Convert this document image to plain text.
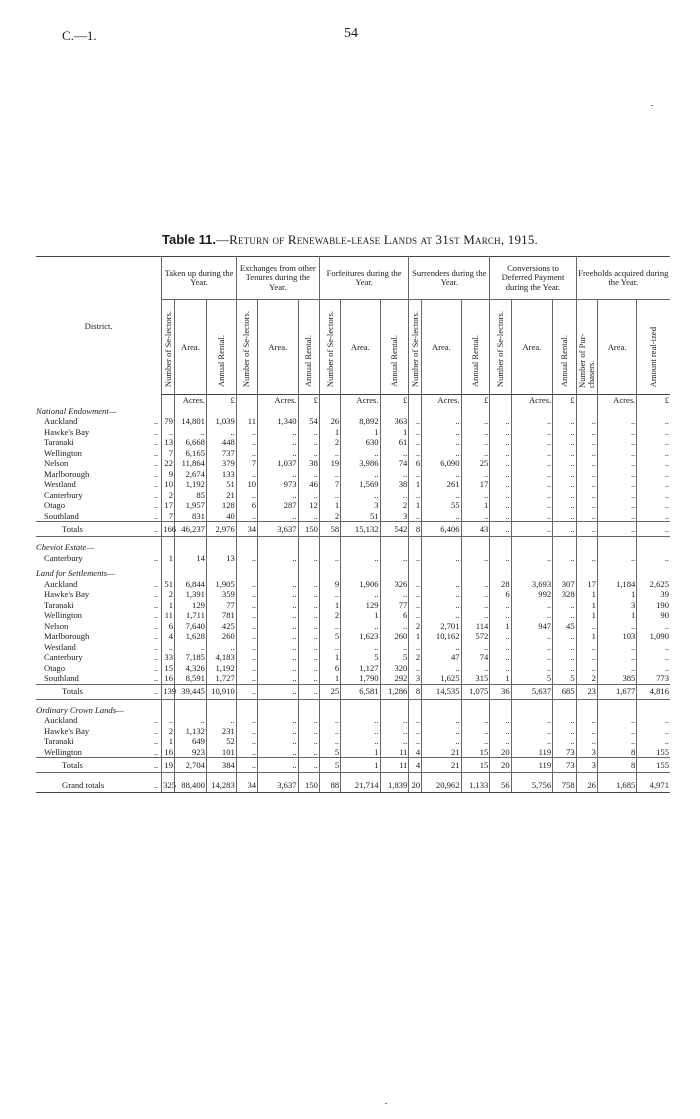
C.—1.	54
Table 11.—Return of Renewable-lease Lands at 31st March, 1915.
District.	Taken up during the Year.			Exchanges from other Tenures during the Year.			Forfeitures during the Year.			Surrenders during the Year.			Conversions to Deferred Payment during the Year.			Freeholds acquired during the Year.		
	Number of Se-lectors.	Area.	Annual Rental.	Number of Se-lectors.	Area.	Annual Rental.	Number of Se-lectors.	Area.	Annual Rental.	Number of Se-lectors.	Area.	Annual Rental.	Number of Se-lectors.	Area.	Annual Rental.	Number of Pur-chasers.	Area.	Amount real-ized
		Acres.	£		Acres.	£		Acres.	£		Acres.	£		Acres.	£		Acres.	£
National Endowment—																		
Auckland ..	79	14,801	1,039	11	1,340	54	26	8,892	363	..	..	..	..	..	..	..	..	..
Hawke's Bay ..	..	..	..	..	..	..	1	1	1	..	..	..	..	..	..	..	..	..
Taranaki ..	13	6,668	448	..	..	..	2	630	61	..	..	..	..	..	..	..	..	..
Wellington ..	7	6,165	737	..	..	..	..	..	..	..	..	..	..	..	..	..	..	..
Nelson ..	22	11,864	379	7	1,037	38	19	3,986	74	6	6,090	25	..	..	..	..	..	..
Marlborough ..	9	2,674	133	..	..	..	..	..	..	..	..	..	..	..	..	..	..	..
Westland ..	10	1,192	51	10	973	46	7	1,569	38	1	261	17	..	..	..	..	..	..
Canterbury ..	2	85	21	..	..	..	..	..	..	..	..	..	..	..	..	..	..	..
Otago ..	17	1,957	128	6	287	12	1	3	2	1	55	1	..	..	..	..	..	..
Southland ..	7	831	40	..	..	..	2	51	3	..	..	..	..	..	..	..	..	..
Totals ..	166	46,237	2,976	34	3,637	150	58	15,132	542	8	6,406	43	..	..	..	..	..	..

Cheviot Estate—																		
Canterbury ..	1	14	13	..	..	..	..	..	..	..	..	..	..	..	..	..	..	..

Land for Settlements—																		
Auckland ..	51	6,844	1,905	..	..	..	9	1,906	326	..	..	..	28	3,693	307	17	1,184	2,625
Hawke's Bay ..	2	1,391	359	..	..	..	..	..	..	..	..	..	6	992	328	1	1	39
Taranaki ..	1	129	77	..	..	..	1	129	77	..	..	..	..	..	..	1	3	190
Wellington ..	11	1,711	781	..	..	..	2	1	6	..	..	..	..	..	..	1	1	90
Nelson ..	6	7,640	425	..	..	..	..	..	..	2	2,701	114	1	947	45	..	..	..
Marlborough ..	4	1,628	260	..	..	..	5	1,623	260	1	10,162	572	..	..	..	1	103	1,090
Westland ..	..	..	..	..	..	..	..	..	..	..	..	..	..	..	..	..	..	..
Canterbury ..	33	7,185	4,183	..	..	..	1	5	5	2	47	74	..	..	..	..	..	..
Otago ..	15	4,326	1,192	..	..	..	6	1,127	320	..	..	..	..	..	..	..	..	..
Southland ..	16	8,591	1,727	..	..	..	1	1,790	292	3	1,625	315	1	5	5	2	385	773
Totals ..	139	39,445	10,910	..	..	..	25	6,581	1,286	8	14,535	1,075	36	5,637	685	23	1,677	4,816

Ordinary Crown Lands—																		
Auckland ..	..	..	..	..	..	..	..	..	..	..	..	..	..	..	..	..	..	..
Hawke's Bay ..	2	1,132	231	..	..	..	..	..	..	..	..	..	..	..	..	..	..	..
Taranaki ..	1	649	52	..	..	..	..	..	..	..	..	..	..	..	..	..	..	..
Wellington ..	16	923	101	..	..	..	5	1	11	4	21	15	20	119	73	3	8	155
Totals ..	19	2,704	384	..	..	..	5	1	11	4	21	15	20	119	73	3	8	155

Grand totals ..	325	88,400	14,283	34	3,637	150	88	21,714	1,839	20	20,962	1,133	56	5,756	758	26	1,685	4,971
